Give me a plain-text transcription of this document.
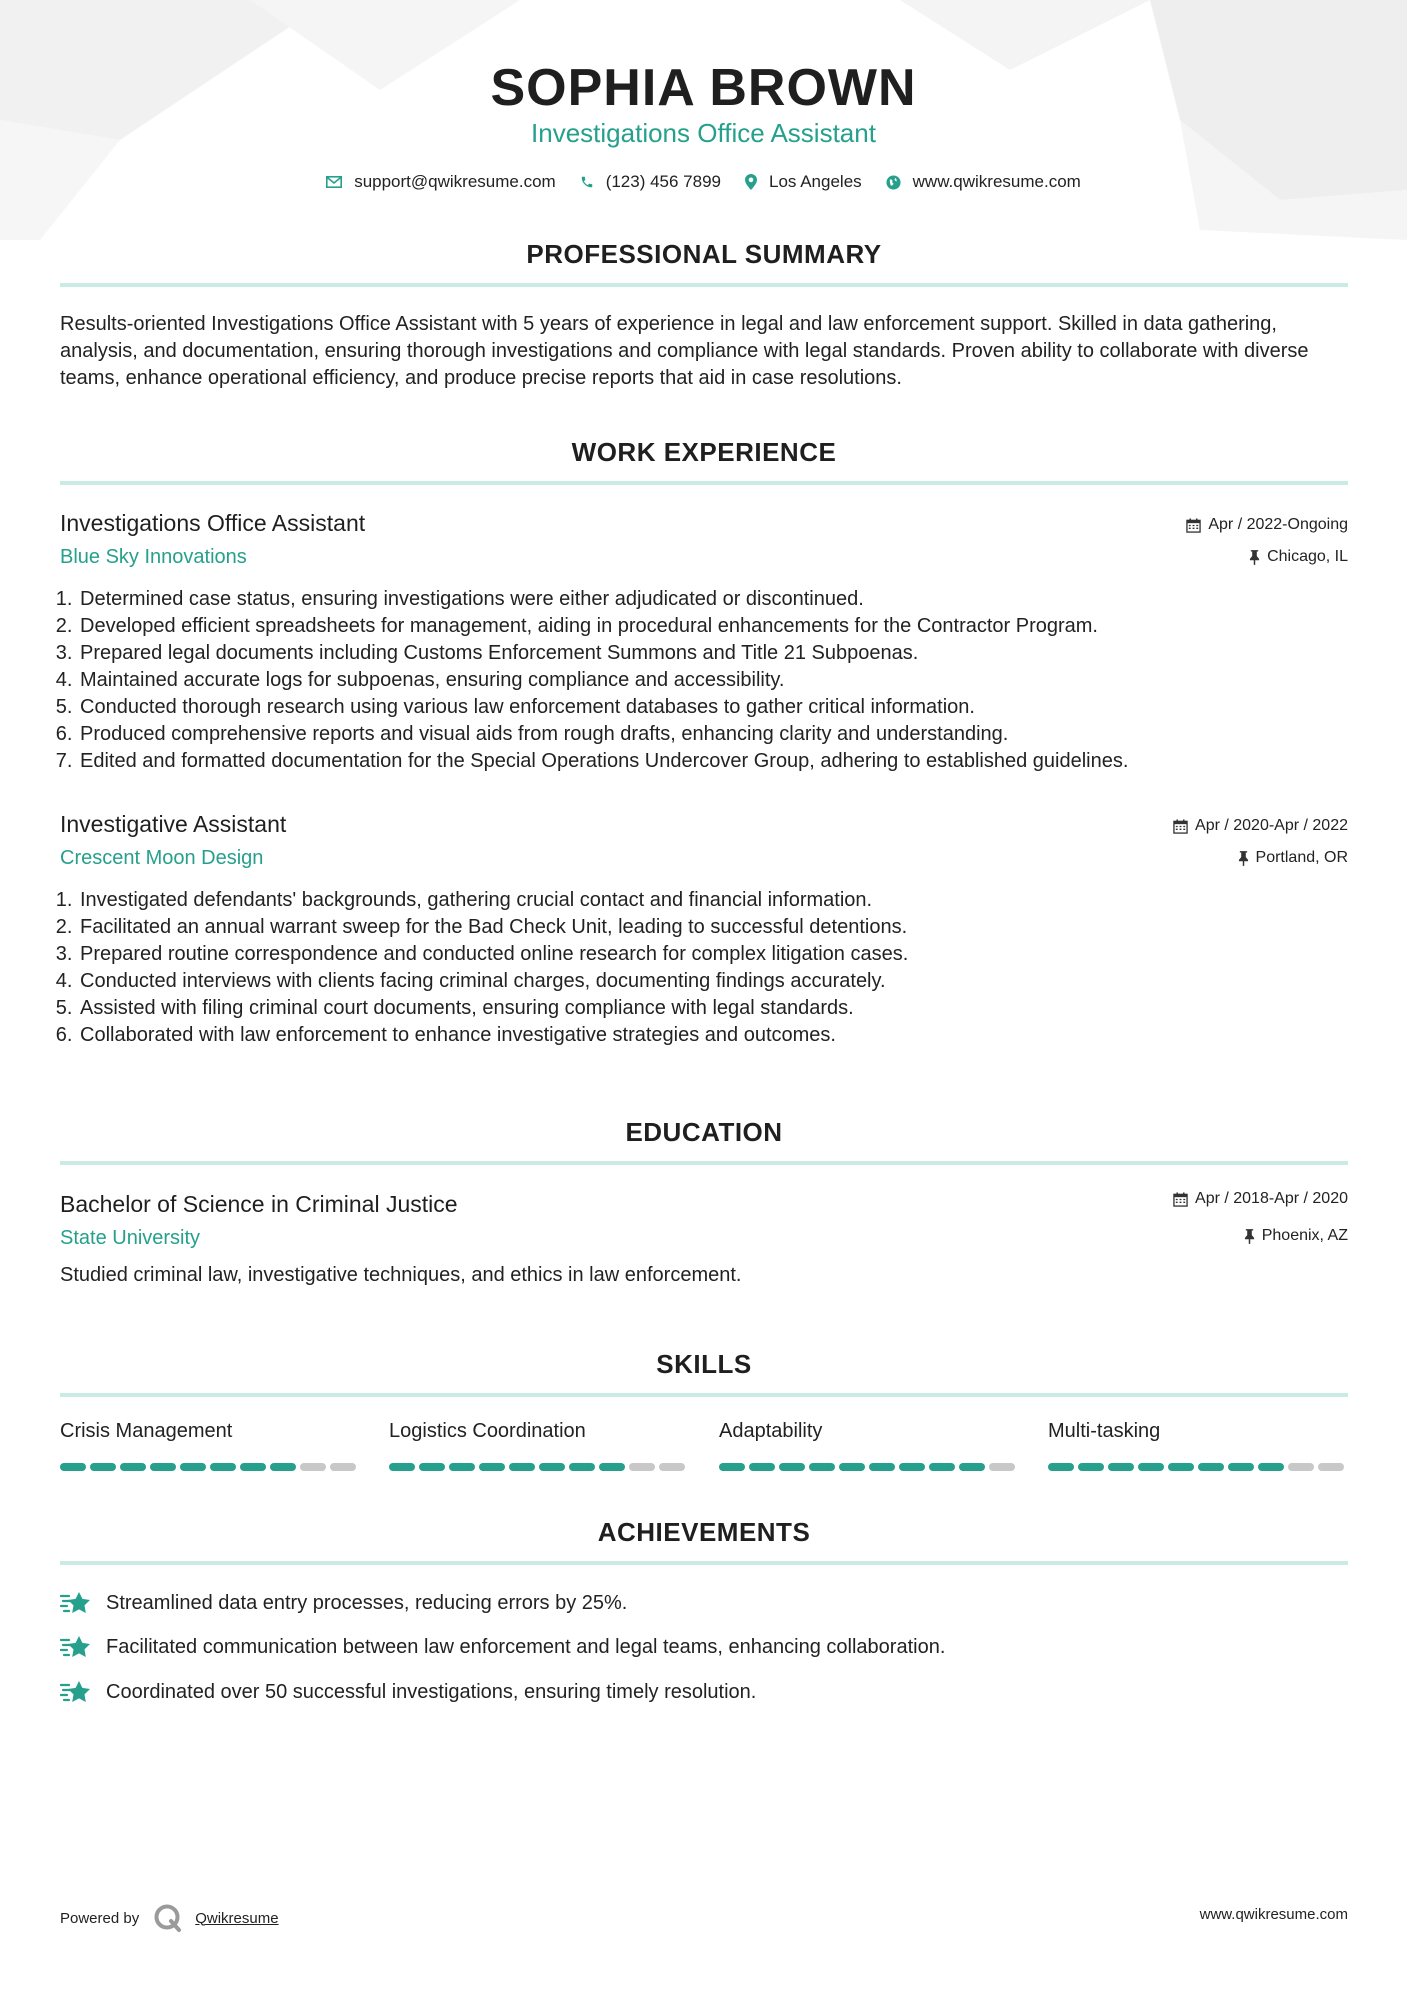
SOPHIA BROWN
Investigations Office Assistant
support@qwikresume.com	(123) 456 7899	Los Angeles	www.qwikresume.com
PROFESSIONAL SUMMARY
Results-oriented Investigations Office Assistant with 5 years of experience in legal and law enforcement support. Skilled in data gathering, analysis, and documentation, ensuring thorough investigations and compliance with legal standards. Proven ability to collaborate with diverse teams, enhance operational efficiency, and produce precise reports that aid in case resolutions.
WORK EXPERIENCE
Investigations Office Assistant
Blue Sky Innovations
Apr / 2022-Ongoing
Chicago, IL
1. Determined case status, ensuring investigations were either adjudicated or discontinued.
2. Developed efficient spreadsheets for management, aiding in procedural enhancements for the Contractor Program.
3. Prepared legal documents including Customs Enforcement Summons and Title 21 Subpoenas.
4. Maintained accurate logs for subpoenas, ensuring compliance and accessibility.
5. Conducted thorough research using various law enforcement databases to gather critical information.
6. Produced comprehensive reports and visual aids from rough drafts, enhancing clarity and understanding.
7. Edited and formatted documentation for the Special Operations Undercover Group, adhering to established guidelines.
Investigative Assistant
Crescent Moon Design
Apr / 2020-Apr / 2022
Portland, OR
1. Investigated defendants' backgrounds, gathering crucial contact and financial information.
2. Facilitated an annual warrant sweep for the Bad Check Unit, leading to successful detentions.
3. Prepared routine correspondence and conducted online research for complex litigation cases.
4. Conducted interviews with clients facing criminal charges, documenting findings accurately.
5. Assisted with filing criminal court documents, ensuring compliance with legal standards.
6. Collaborated with law enforcement to enhance investigative strategies and outcomes.
EDUCATION
Bachelor of Science in Criminal Justice
State University
Apr / 2018-Apr / 2020
Phoenix, AZ
Studied criminal law, investigative techniques, and ethics in law enforcement.
SKILLS
Crisis Management	Logistics Coordination	Adaptability	Multi-tasking
ACHIEVEMENTS
Streamlined data entry processes, reducing errors by 25%.
Facilitated communication between law enforcement and legal teams, enhancing collaboration.
Coordinated over 50 successful investigations, ensuring timely resolution.
Powered by	Qwikresume	www.qwikresume.com
